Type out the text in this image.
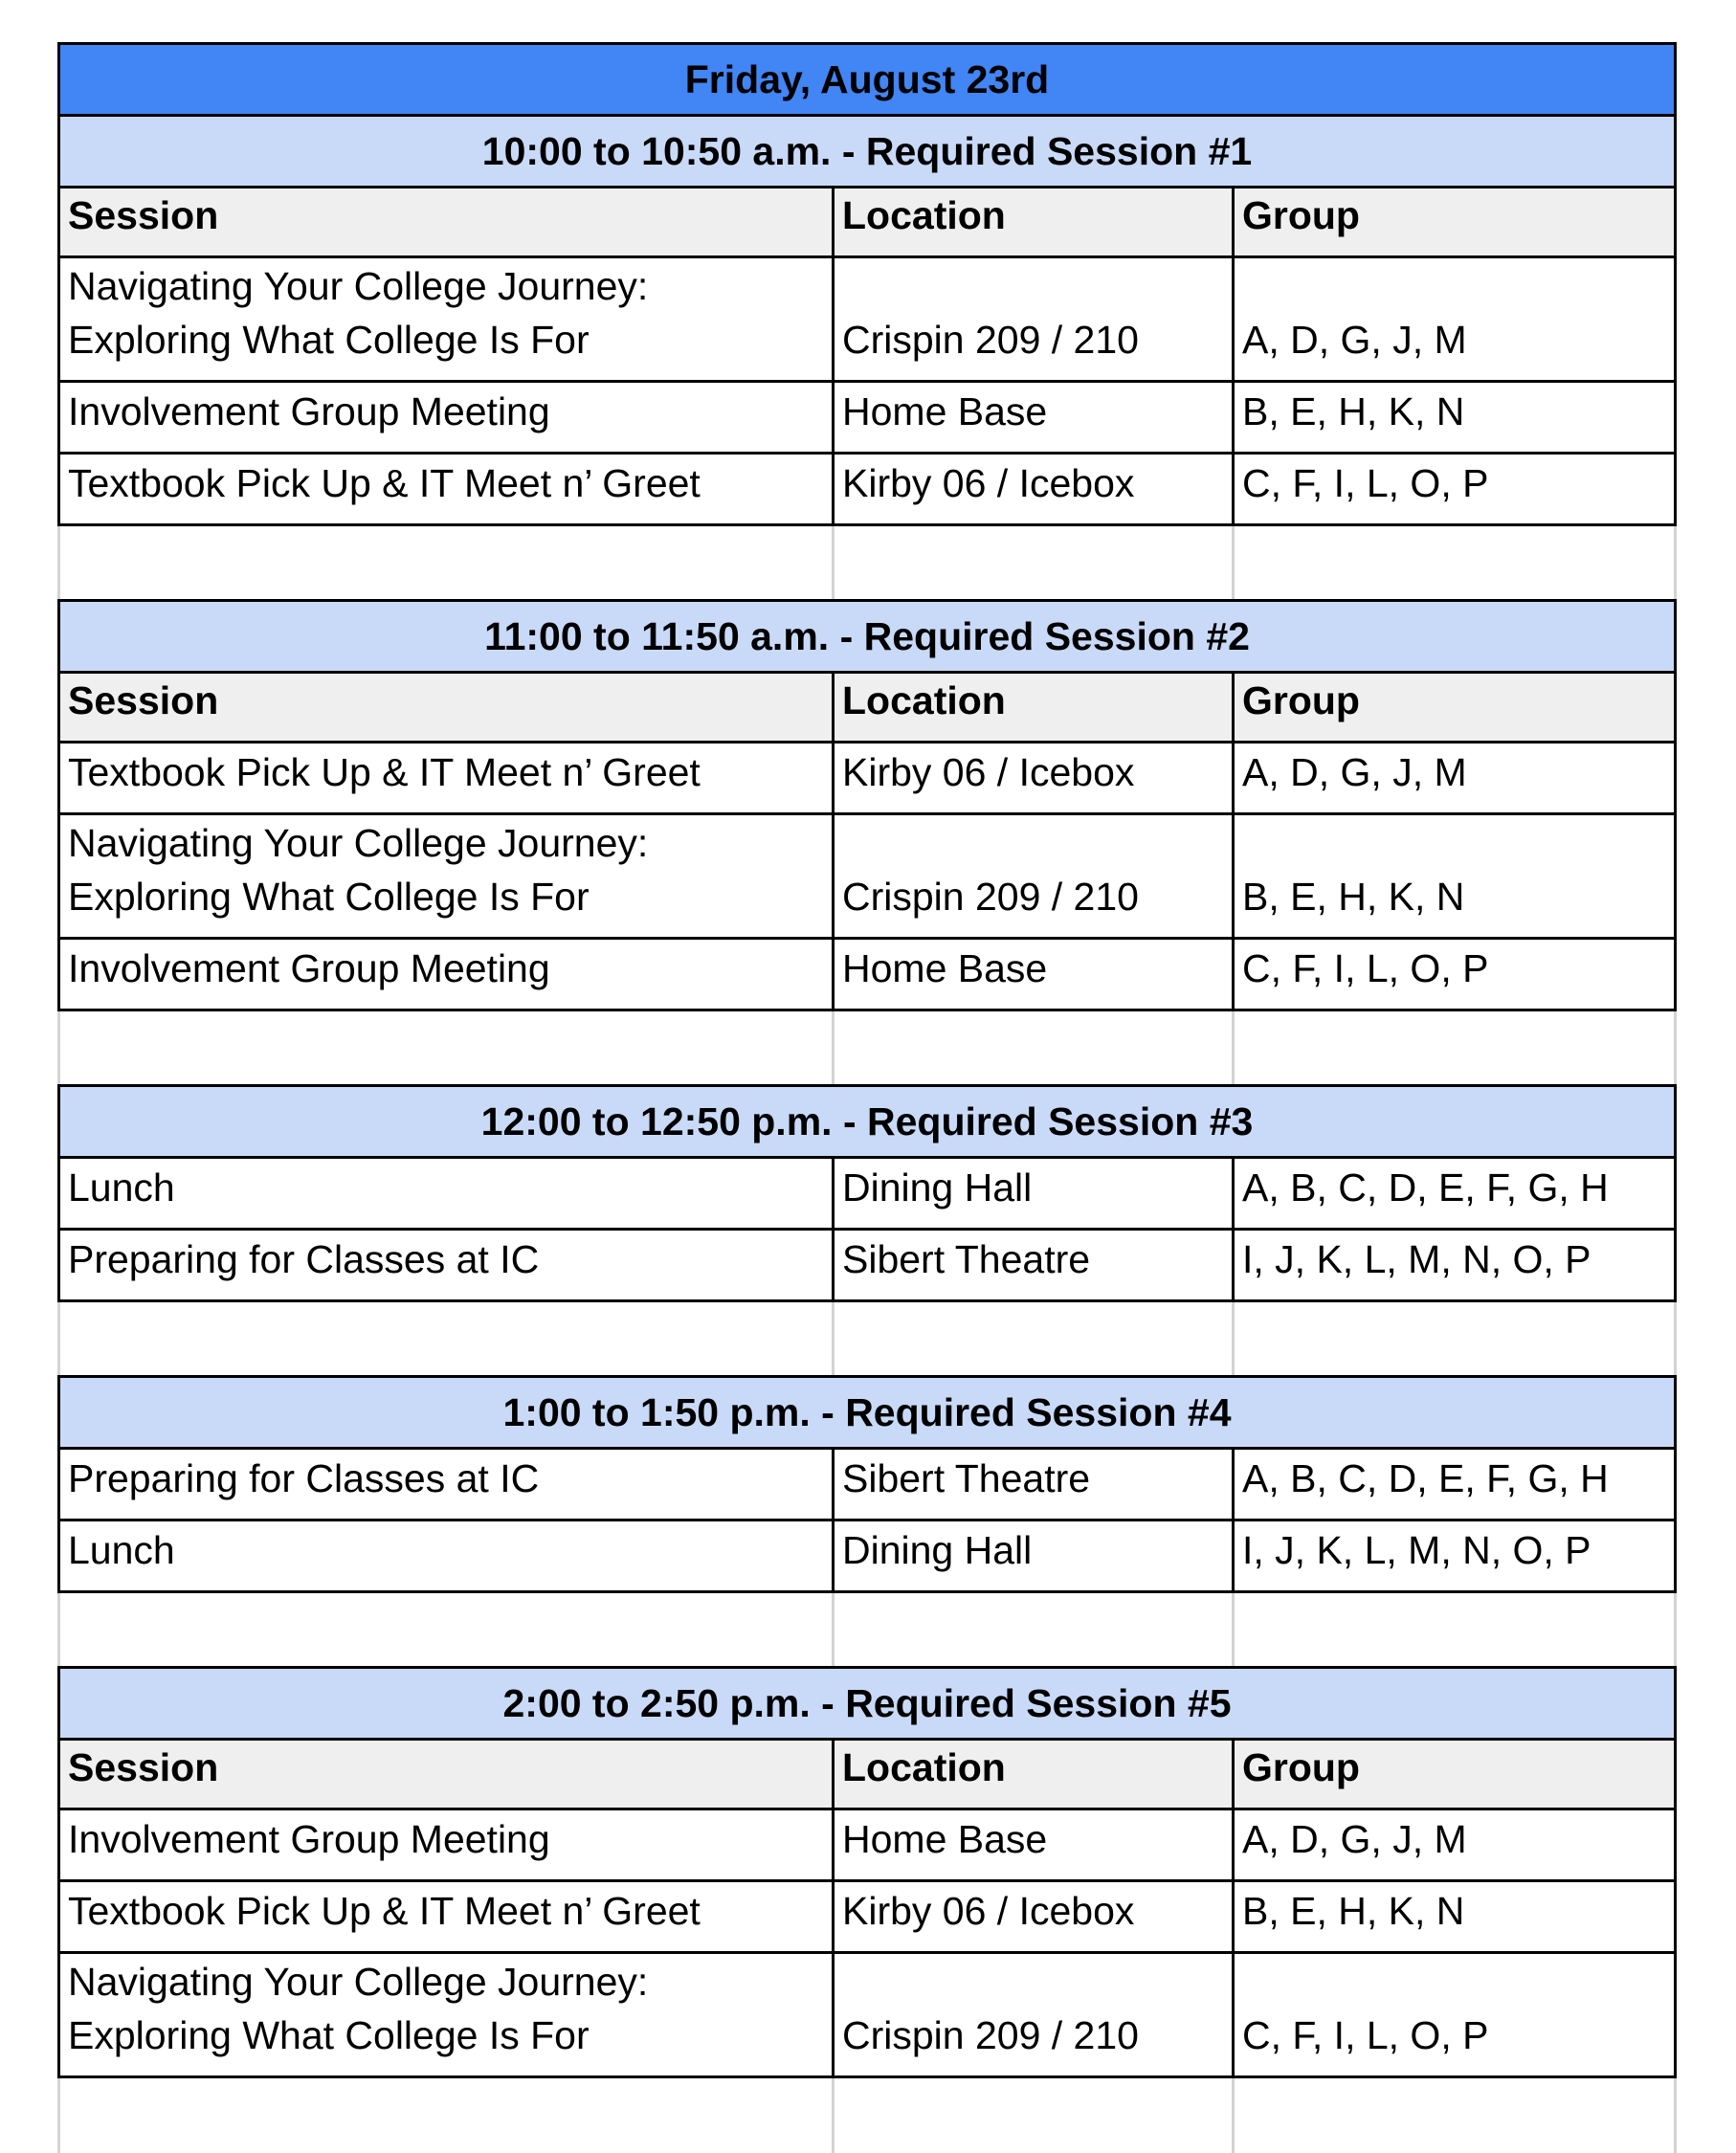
Friday, August 23rd
10:00 to 10:50 a.m. - Required Session #1
Session	Location	Group
Navigating Your College Journey:
Exploring What College Is For	Crispin 209 / 210	A, D, G, J, M
Involvement Group Meeting	Home Base	B, E, H, K, N
Textbook Pick Up & IT Meet n’ Greet	Kirby 06 / Icebox	C, F, I, L, O, P
11:00 to 11:50 a.m. - Required Session #2
Session	Location	Group
Textbook Pick Up & IT Meet n’ Greet	Kirby 06 / Icebox	A, D, G, J, M
Navigating Your College Journey:
Exploring What College Is For	Crispin 209 / 210	B, E, H, K, N
Involvement Group Meeting	Home Base	C, F, I, L, O, P
12:00 to 12:50 p.m. - Required Session #3
Lunch	Dining Hall	A, B, C, D, E, F, G, H
Preparing for Classes at IC	Sibert Theatre	I, J, K, L, M, N, O, P
1:00 to 1:50 p.m. - Required Session #4
Preparing for Classes at IC	Sibert Theatre	A, B, C, D, E, F, G, H
Lunch	Dining Hall	I, J, K, L, M, N, O, P
2:00 to 2:50 p.m. - Required Session #5
Session	Location	Group
Involvement Group Meeting	Home Base	A, D, G, J, M
Textbook Pick Up & IT Meet n’ Greet	Kirby 06 / Icebox	B, E, H, K, N
Navigating Your College Journey:
Exploring What College Is For	Crispin 209 / 210	C, F, I, L, O, P
